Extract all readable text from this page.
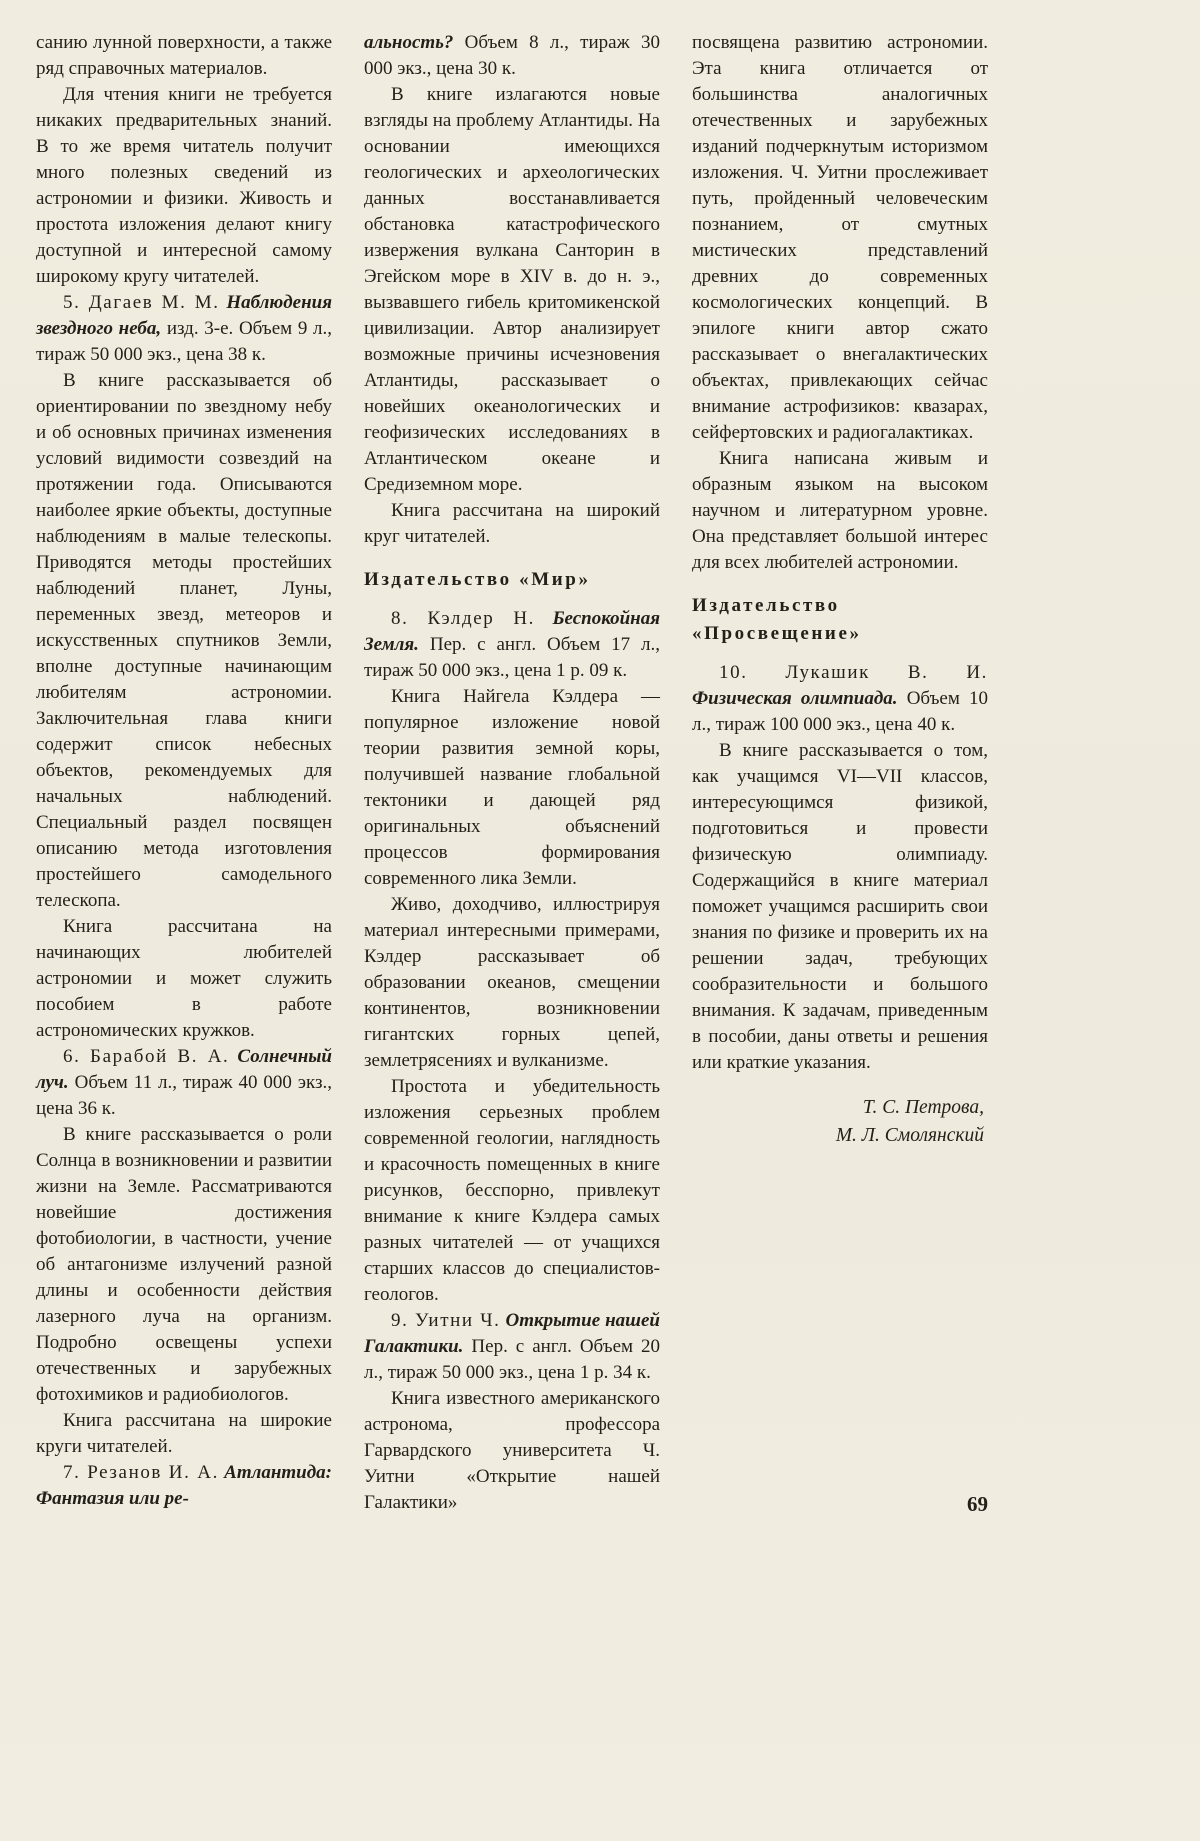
санию лунной поверхности, а также ряд справочных материалов.

Для чтения книги не требуется никаких предварительных знаний. В то же время читатель получит много полезных сведений из астрономии и физики. Живость и простота изложения делают книгу доступной и интересной самому широкому кругу читателей.

5. Дагаев М. М. Наблюдения звездного неба, изд. 3-е. Объем 9 л., тираж 50 000 экз., цена 38 к.

В книге рассказывается об ориентировании по звездному небу и об основных причинах изменения условий видимости созвездий на протяжении года. Описываются наиболее яркие объекты, доступные наблюдениям в малые телескопы. Приводятся методы простейших наблюдений планет, Луны, переменных звезд, метеоров и искусственных спутников Земли, вполне доступные начинающим любителям астрономии. Заключительная глава книги содержит список небесных объектов, рекомендуемых для начальных наблюдений. Специальный раздел посвящен описанию метода изготовления простейшего самодельного телескопа.

Книга рассчитана на начинающих любителей астрономии и может служить пособием в работе астрономических кружков.

6. Барабой В. А. Солнечный луч. Объем 11 л., тираж 40 000 экз., цена 36 к.

В книге рассказывается о роли Солнца в возникновении и развитии жизни на Земле. Рассматриваются новейшие достижения фотобиологии, в частности, учение об антагонизме излучений разной длины и особенности действия лазерного луча на организм. Подробно освещены успехи отечественных и зарубежных фотохимиков и радиобиологов.

Книга рассчитана на широкие круги читателей.

7. Резанов И. А. Атлантида: Фантазия или ре-

альность? Объем 8 л., тираж 30 000 экз., цена 30 к.

В книге излагаются новые взгляды на проблему Атлантиды. На основании имеющихся геологических и археологических данных восстанавливается обстановка катастрофического извержения вулкана Санторин в Эгейском море в XIV в. до н. э., вызвавшего гибель критомикенской цивилизации. Автор анализирует возможные причины исчезновения Атлантиды, рассказывает о новейших океанологических и геофизических исследованиях в Атлантическом океане и Средиземном море.

Книга рассчитана на широкий круг читателей.

Издательство «Мир»

8. Кэлдер Н. Беспокойная Земля. Пер. с англ. Объем 17 л., тираж 50 000 экз., цена 1 р. 09 к.

Книга Найгела Кэлдера — популярное изложение новой теории развития земной коры, получившей название глобальной тектоники и дающей ряд оригинальных объяснений процессов формирования современного лика Земли.

Живо, доходчиво, иллюстрируя материал интересными примерами, Кэлдер рассказывает об образовании океанов, смещении континентов, возникновении гигантских горных цепей, землетрясениях и вулканизме.

Простота и убедительность изложения серьезных проблем современной геологии, наглядность и красочность помещенных в книге рисунков, бесспорно, привлекут внимание к книге Кэлдера самых разных читателей — от учащихся старших классов до специалистов-геологов.

9. Уитни Ч. Открытие нашей Галактики. Пер. с англ. Объем 20 л., тираж 50 000 экз., цена 1 р. 34 к.

Книга известного американского астронома, профессора Гарвардского университета Ч. Уитни «Открытие нашей Галактики»

посвящена развитию астрономии. Эта книга отличается от большинства аналогичных отечественных и зарубежных изданий подчеркнутым историзмом изложения. Ч. Уитни прослеживает путь, пройденный человеческим познанием, от смутных мистических представлений древних до современных космологических концепций. В эпилоге книги автор сжато рассказывает о внегалактических объектах, привлекающих сейчас внимание астрофизиков: квазарах, сейфертовских и радиогалактиках.

Книга написана живым и образным языком на высоком научном и литературном уровне. Она представляет большой интерес для всех любителей астрономии.

Издательство «Просвещение»

10. Лукашик В. И. Физическая олимпиада. Объем 10 л., тираж 100 000 экз., цена 40 к.

В книге рассказывается о том, как учащимся VI—VII классов, интересующимся физикой, подготовиться и провести физическую олимпиаду. Содержащийся в книге материал поможет учащимся расширить свои знания по физике и проверить их на решении задач, требующих сообразительности и большого внимания. К задачам, приведенным в пособии, даны ответы и решения или краткие указания.

Т. С. Петрова,
М. Л. Смолянский
69
